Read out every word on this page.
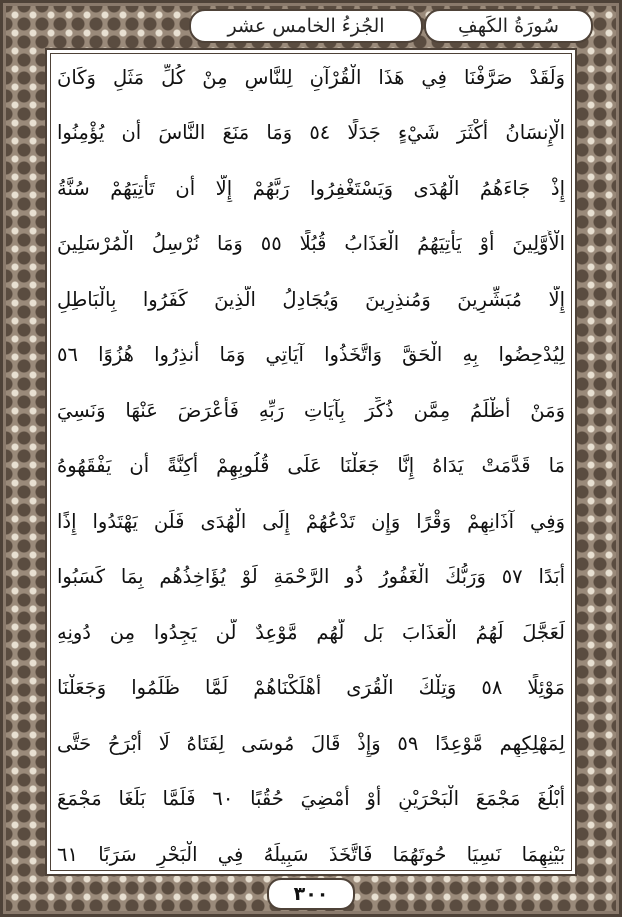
الجُزءُ الخامس عشر	سُورَةُ الكَهفِ
وَلَقَدْ صَرَّفْنَا فِي هَذَا الْقُرْآنِ لِلنَّاسِ مِنْ كُلِّ مَثَلٍ وَكَانَ
الْإِنسَانُ أَكْثَرَ شَيْءٍ جَدَلًا ٥٤ وَمَا مَنَعَ النَّاسَ أَن يُؤْمِنُوا
إِذْ جَاءَهُمُ الْهُدَى وَيَسْتَغْفِرُوا رَبَّهُمْ إِلَّا أَن تَأْتِيَهُمْ سُنَّةُ
الْأَوَّلِينَ أَوْ يَأْتِيَهُمُ الْعَذَابُ قُبُلًا ٥٥ وَمَا نُرْسِلُ الْمُرْسَلِينَ
إِلَّا مُبَشِّرِينَ وَمُنذِرِينَ وَيُجَادِلُ الَّذِينَ كَفَرُوا بِالْبَاطِلِ
لِيُدْحِضُوا بِهِ الْحَقَّ وَاتَّخَذُوا آيَاتِي وَمَا أُنذِرُوا هُزُوًا ٥٦
وَمَنْ أَظْلَمُ مِمَّن ذُكِّرَ بِآيَاتِ رَبِّهِ فَأَعْرَضَ عَنْهَا وَنَسِيَ
مَا قَدَّمَتْ يَدَاهُ إِنَّا جَعَلْنَا عَلَى قُلُوبِهِمْ أَكِنَّةً أَن يَفْقَهُوهُ
وَفِي آذَانِهِمْ وَقْرًا وَإِن تَدْعُهُمْ إِلَى الْهُدَى فَلَن يَهْتَدُوا إِذًا
أَبَدًا ٥٧ وَرَبُّكَ الْغَفُورُ ذُو الرَّحْمَةِ لَوْ يُؤَاخِذُهُم بِمَا كَسَبُوا
لَعَجَّلَ لَهُمُ الْعَذَابَ بَل لَّهُم مَّوْعِدٌ لَّن يَجِدُوا مِن دُونِهِ
مَوْئِلًا ٥٨ وَتِلْكَ الْقُرَى أَهْلَكْنَاهُمْ لَمَّا ظَلَمُوا وَجَعَلْنَا
لِمَهْلِكِهِم مَّوْعِدًا ٥٩ وَإِذْ قَالَ مُوسَى لِفَتَاهُ لَا أَبْرَحُ حَتَّى
أَبْلُغَ مَجْمَعَ الْبَحْرَيْنِ أَوْ أَمْضِيَ حُقُبًا ٦٠ فَلَمَّا بَلَغَا مَجْمَعَ
بَيْنِهِمَا نَسِيَا حُوتَهُمَا فَاتَّخَذَ سَبِيلَهُ فِي الْبَحْرِ سَرَبًا ٦١
٣٠٠
